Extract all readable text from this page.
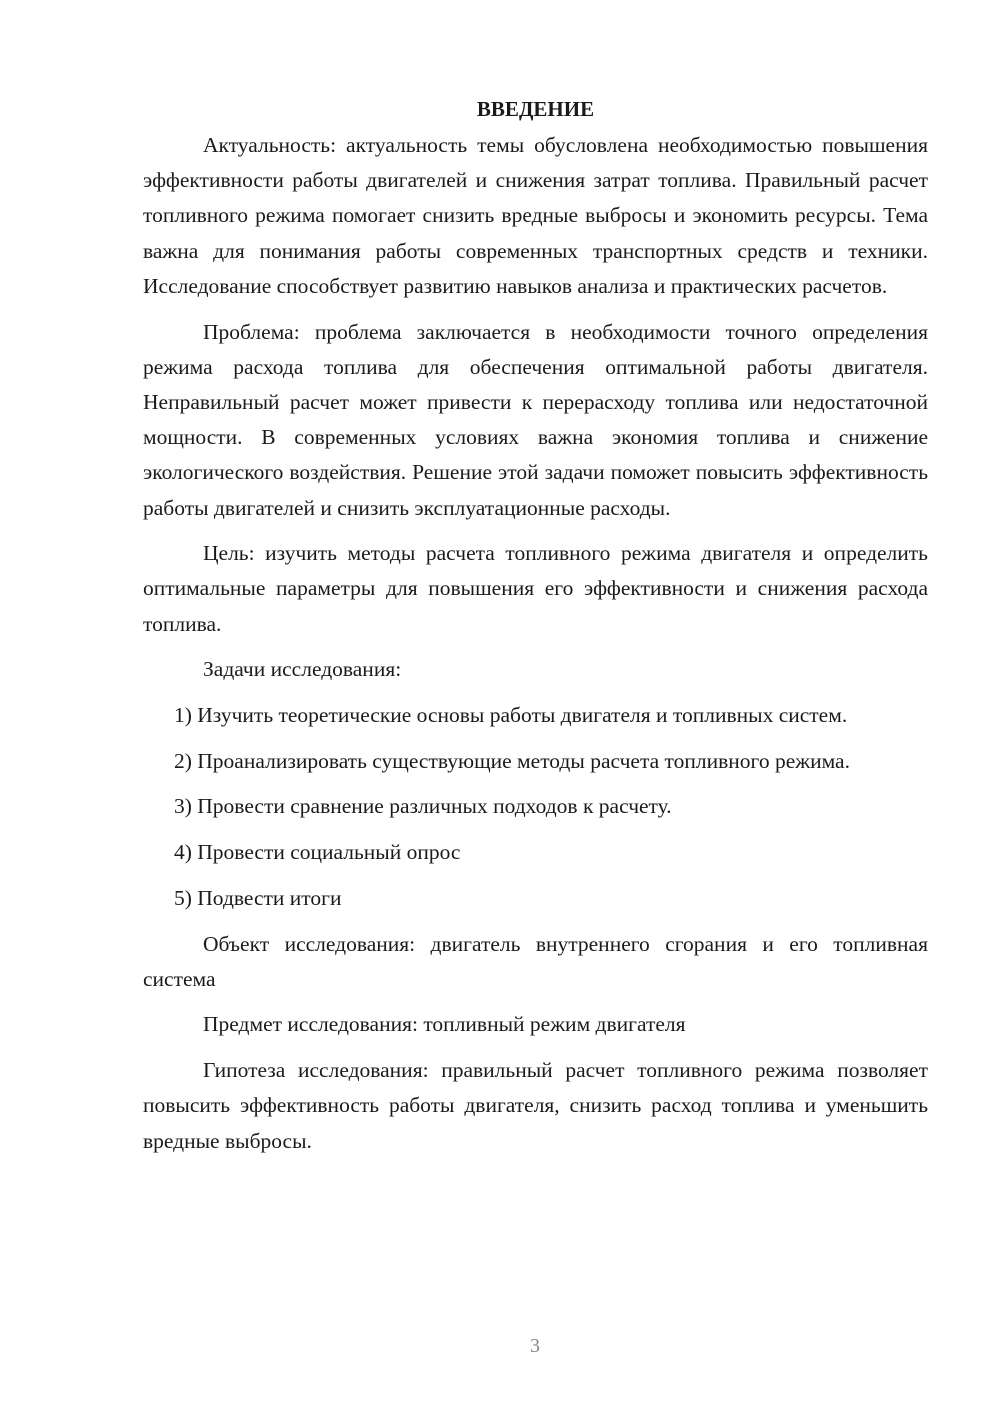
ВВЕДЕНИЕ

Актуальность: актуальность темы обусловлена необходимостью повышения эффективности работы двигателей и снижения затрат топлива. Правильный расчет топливного режима помогает снизить вредные выбросы и экономить ресурсы. Тема важна для понимания работы современных транспортных средств и техники. Исследование способствует развитию навыков анализа и практических расчетов.

Проблема: проблема заключается в необходимости точного определения режима расхода топлива для обеспечения оптимальной работы двигателя. Неправильный расчет может привести к перерасходу топлива или недостаточной мощности. В современных условиях важна экономия топлива и снижение экологического воздействия. Решение этой задачи поможет повысить эффективность работы двигателей и снизить эксплуатационные расходы.

Цель: изучить методы расчета топливного режима двигателя и определить оптимальные параметры для повышения его эффективности и снижения расхода топлива.

Задачи исследования:

1) Изучить теоретические основы работы двигателя и топливных систем.

2) Проанализировать существующие методы расчета топливного режима.

3) Провести сравнение различных подходов к расчету.

4) Провести социальный опрос

5) Подвести итоги

Объект исследования: двигатель внутреннего сгорания и его топливная система

Предмет исследования: топливный режим двигателя

Гипотеза исследования: правильный расчет топливного режима позволяет повысить эффективность работы двигателя, снизить расход топлива и уменьшить вредные выбросы.

3
